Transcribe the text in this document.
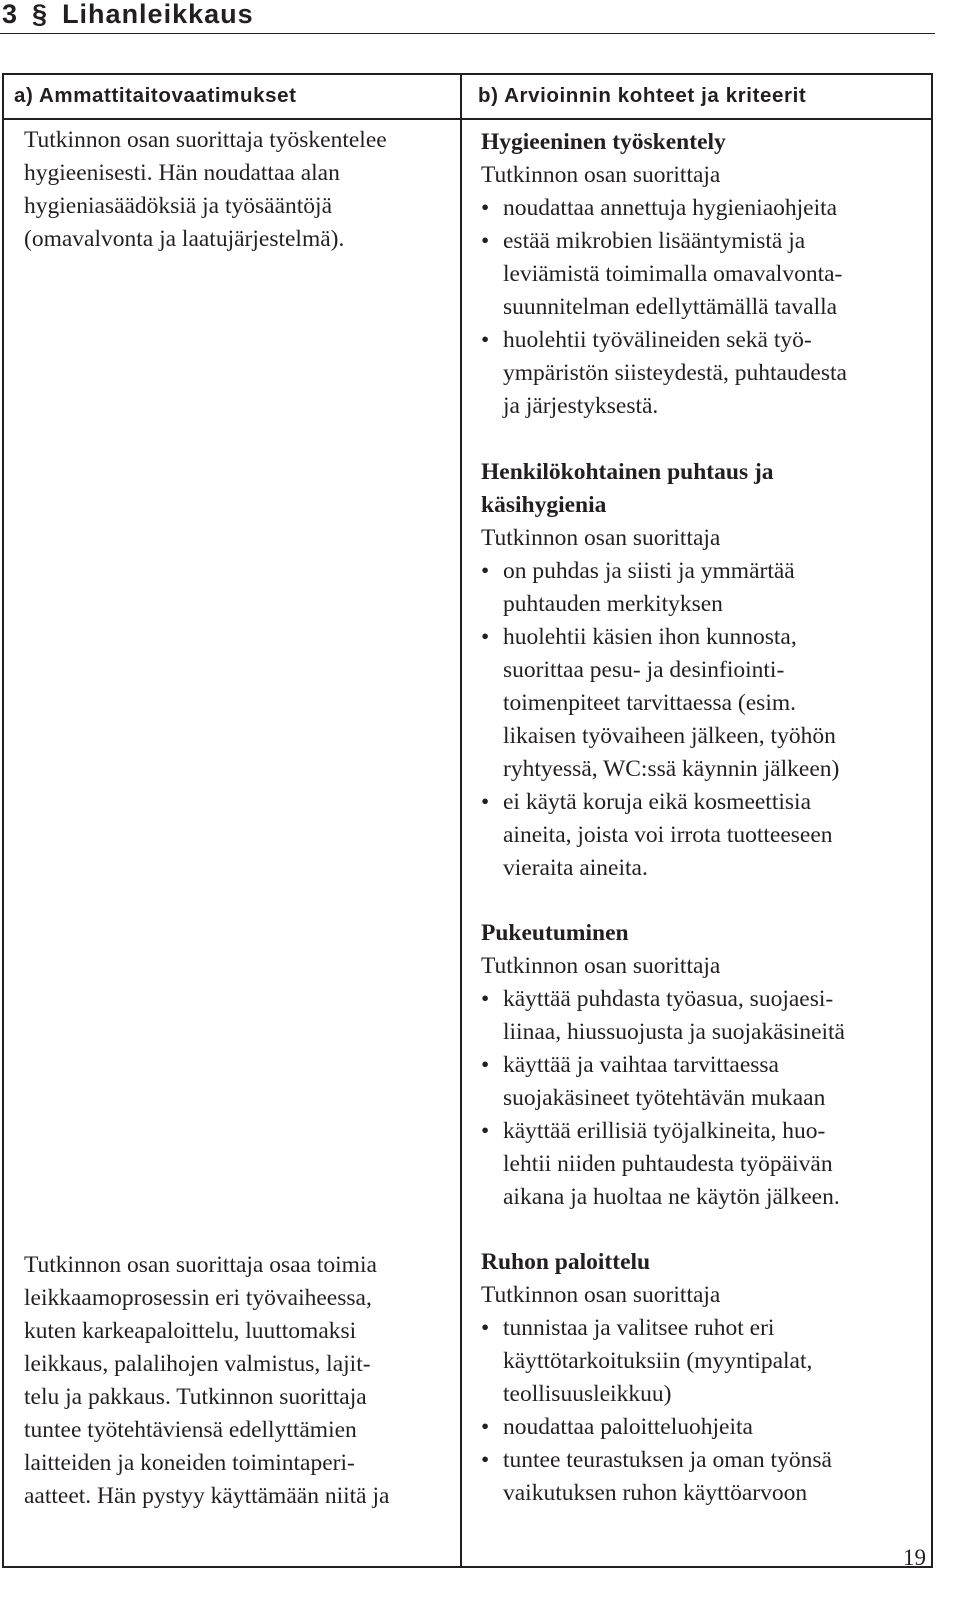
3 § Lihanleikkaus
a) Ammattitaitovaatimukset	b) Arvioinnin kohteet ja kriteerit
Tutkinnon osan suorittaja työskentelee
hygieenisesti. Hän noudattaa alan
hygieniasäädöksiä ja työsääntöjä
(omavalvonta ja laatujärjestelmä).
Tutkinnon osan suorittaja osaa toimia
leikkaamoprosessin eri työvaiheessa,
kuten karkeapaloittelu, luuttomaksi
leikkaus, palalihojen valmistus, lajit-
telu ja pakkaus. Tutkinnon suorittaja
tuntee työtehtäviensä edellyttämien
laitteiden ja koneiden toimintaperi-
aatteet. Hän pystyy käyttämään niitä ja
Hygieeninen työskentely
Tutkinnon osan suorittaja
• noudattaa annettuja hygieniaohjeita
• estää mikrobien lisääntymistä ja
leviämistä toimimalla omavalvonta-
suunnitelman edellyttämällä tavalla
• huolehtii työvälineiden sekä työ-
ympäristön siisteydestä, puhtaudesta
ja järjestyksestä.
Henkilökohtainen puhtaus ja
käsihygienia
Tutkinnon osan suorittaja
• on puhdas ja siisti ja ymmärtää
puhtauden merkityksen
• huolehtii käsien ihon kunnosta,
suorittaa pesu- ja desinfiointi-
toimenpiteet tarvittaessa (esim.
likaisen työvaiheen jälkeen, työhön
ryhtyessä, WC:ssä käynnin jälkeen)
• ei käytä koruja eikä kosmeettisia
aineita, joista voi irrota tuotteeseen
vieraita aineita.
Pukeutuminen
Tutkinnon osan suorittaja
• käyttää puhdasta työasua, suojaesi-
liinaa, hiussuojusta ja suojakäsineitä
• käyttää ja vaihtaa tarvittaessa
suojakäsineet työtehtävän mukaan
• käyttää erillisiä työjalkineita, huo-
lehtii niiden puhtaudesta työpäivän
aikana ja huoltaa ne käytön jälkeen.
Ruhon paloittelu
Tutkinnon osan suorittaja
• tunnistaa ja valitsee ruhot eri
käyttötarkoituksiin (myyntipalat,
teollisuusleikkuu)
• noudattaa paloitteluohjeita
• tuntee teurastuksen ja oman työnsä
vaikutuksen ruhon käyttöarvoon
19
